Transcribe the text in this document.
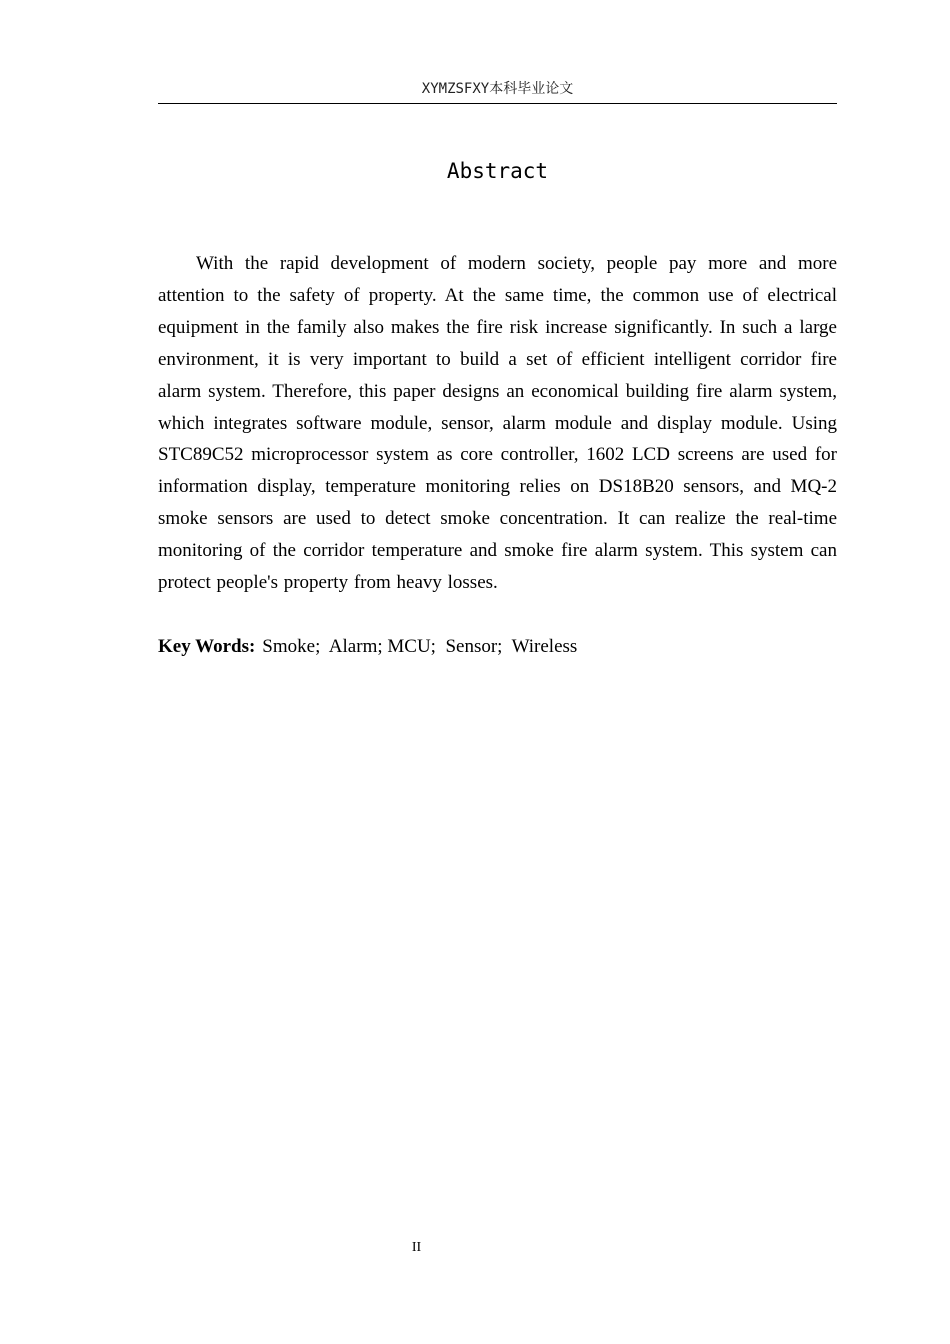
XYMZSFXY本科毕业论文
Abstract

With the rapid development of modern society, people pay more and more attention to the safety of property. At the same time, the common use of electrical equipment in the family also makes the fire risk increase significantly. In such a large environment, it is very important to build a set of efficient intelligent corridor fire alarm system. Therefore, this paper designs an economical building fire alarm system, which integrates software module, sensor, alarm module and display module. Using STC89C52 microprocessor system as core controller, 1602 LCD screens are used for information display, temperature monitoring relies on DS18B20 sensors, and MQ-2 smoke sensors are used to detect smoke concentration. It can realize the real-time monitoring of the corridor temperature and smoke fire alarm system. This system can protect people's property from heavy losses.

Key Words: Smoke;  Alarm; MCU;  Sensor;  Wireless
II
